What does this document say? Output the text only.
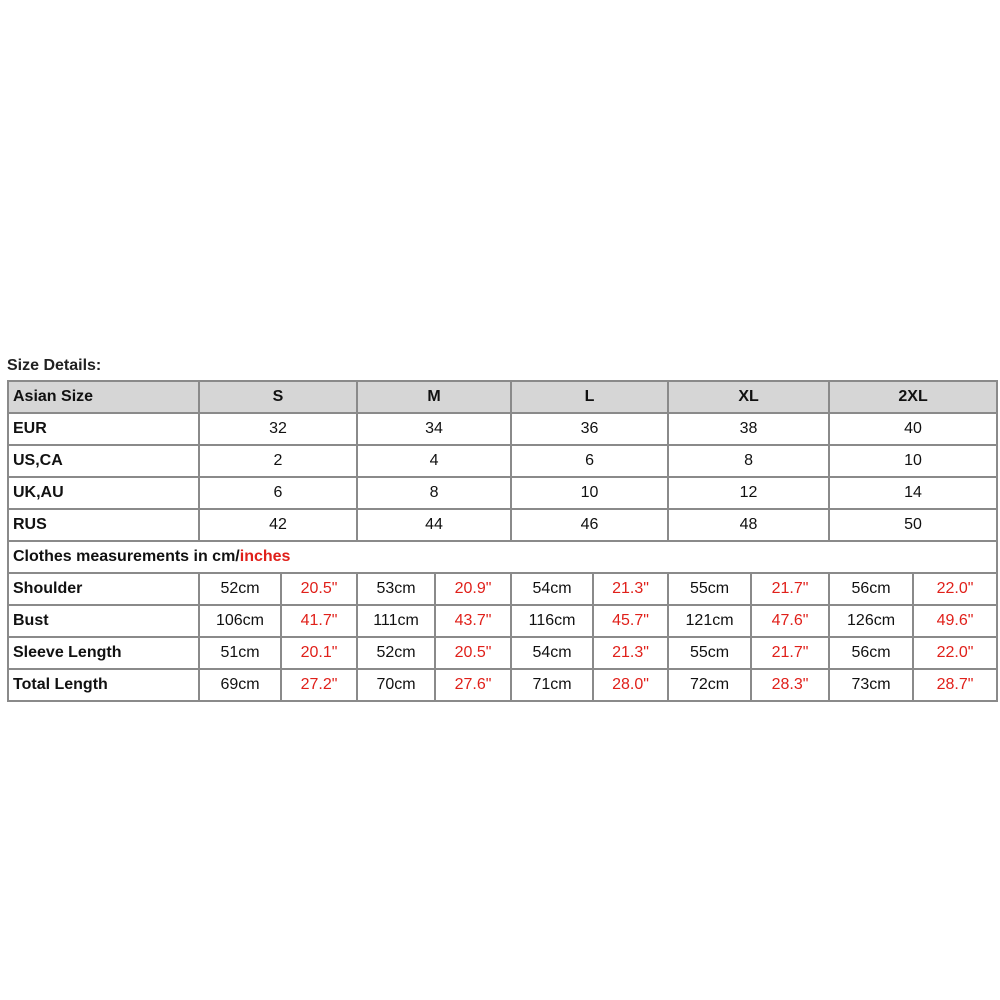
Size Details:
Asian Size	S		M		L		XL		2XL	
EUR	32		34		36		38		40	
US,CA	2		4		6		8		10	
UK,AU	6		8		10		12		14	
RUS	42		44		46		48		50	
Clothes measurements in cm/inches										
Shoulder	52cm	20.5"	53cm	20.9"	54cm	21.3"	55cm	21.7"	56cm	22.0"
Bust	106cm	41.7"	111cm	43.7"	116cm	45.7"	121cm	47.6"	126cm	49.6"
Sleeve Length	51cm	20.1"	52cm	20.5"	54cm	21.3"	55cm	21.7"	56cm	22.0"
Total Length	69cm	27.2"	70cm	27.6"	71cm	28.0"	72cm	28.3"	73cm	28.7"
